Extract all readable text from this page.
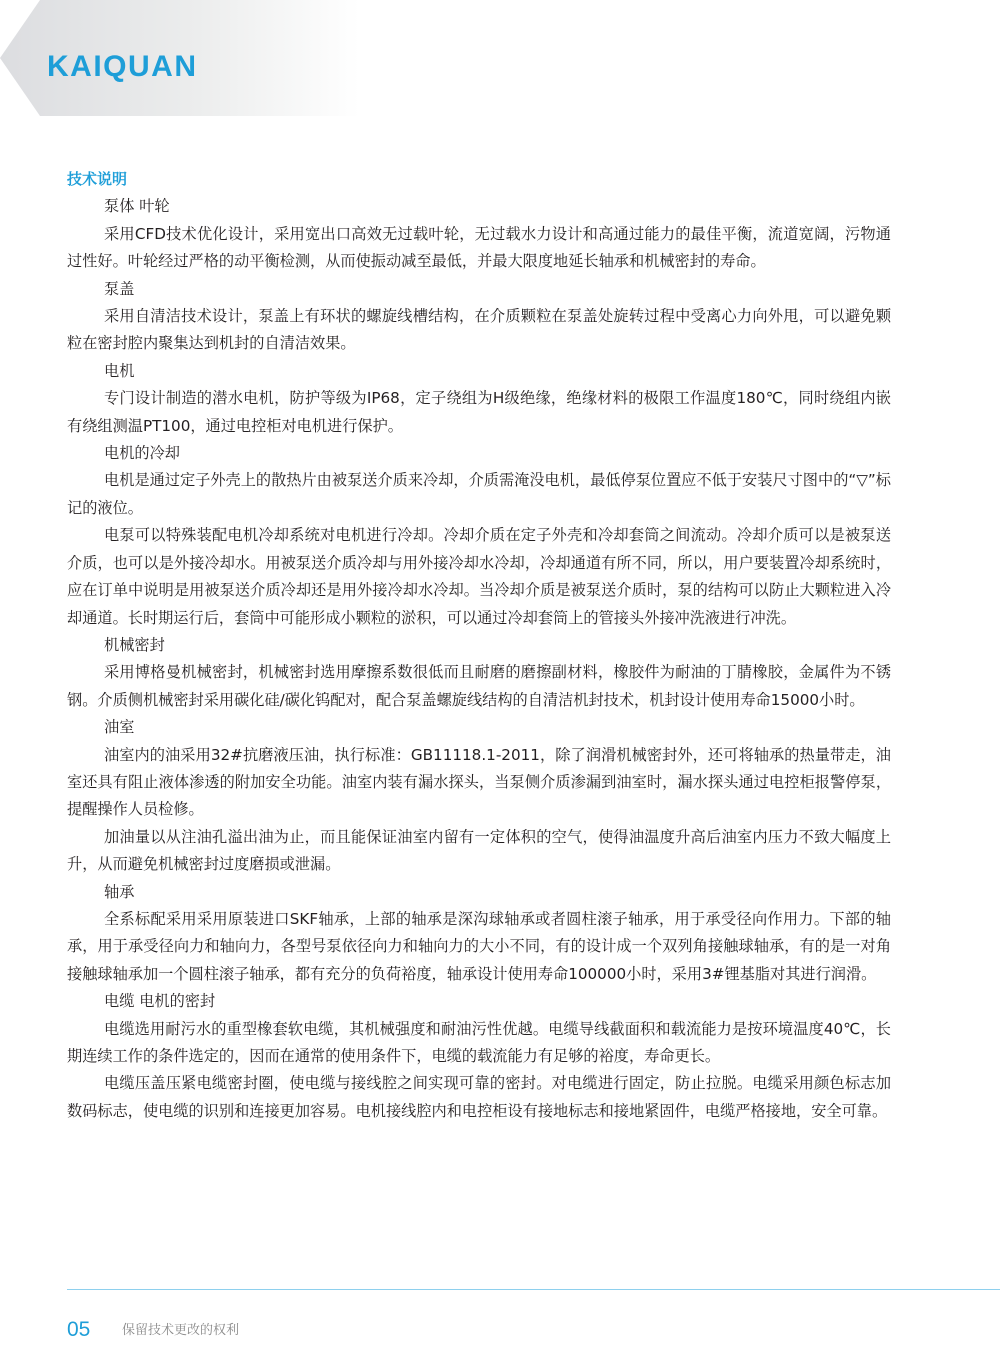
KAIQUAN

技术说明

泵体 叶轮

采用CFD技术优化设计，采用宽出口高效无过载叶轮，无过载水力设计和高通过能力的最佳平衡，流道宽阔，污物通过性好。叶轮经过严格的动平衡检测，从而使振动减至最低，并最大限度地延长轴承和机械密封的寿命。

泵盖

采用自清洁技术设计，泵盖上有环状的螺旋线槽结构，在介质颗粒在泵盖处旋转过程中受离心力向外甩，可以避免颗粒在密封腔内聚集达到机封的自清洁效果。

电机

专门设计制造的潜水电机，防护等级为IP68，定子绕组为H级绝缘，绝缘材料的极限工作温度180℃，同时绕组内嵌有绕组测温PT100，通过电控柜对电机进行保护。

电机的冷却

电机是通过定子外壳上的散热片由被泵送介质来冷却，介质需淹没电机，最低停泵位置应不低于安装尺寸图中的“▽”标记的液位。

电泵可以特殊装配电机冷却系统对电机进行冷却。冷却介质在定子外壳和冷却套筒之间流动。冷却介质可以是被泵送介质，也可以是外接冷却水。用被泵送介质冷却与用外接冷却水冷却，冷却通道有所不同，所以，用户要装置冷却系统时，应在订单中说明是用被泵送介质冷却还是用外接冷却水冷却。当冷却介质是被泵送介质时，泵的结构可以防止大颗粒进入冷却通道。长时期运行后，套筒中可能形成小颗粒的淤积，可以通过冷却套筒上的管接头外接冲洗液进行冲洗。

机械密封

采用博格曼机械密封，机械密封选用摩擦系数很低而且耐磨的磨擦副材料，橡胶件为耐油的丁腈橡胶，金属件为不锈钢。介质侧机械密封采用碳化硅/碳化钨配对，配合泵盖螺旋线结构的自清洁机封技术，机封设计使用寿命15000小时。

油室

油室内的油采用32#抗磨液压油，执行标准：GB11118.1-2011，除了润滑机械密封外，还可将轴承的热量带走，油室还具有阻止液体渗透的附加安全功能。油室内装有漏水探头，当泵侧介质渗漏到油室时，漏水探头通过电控柜报警停泵，提醒操作人员检修。

加油量以从注油孔溢出油为止，而且能保证油室内留有一定体积的空气，使得油温度升高后油室内压力不致大幅度上升，从而避免机械密封过度磨损或泄漏。

轴承

全系标配采用采用原装进口SKF轴承，上部的轴承是深沟球轴承或者圆柱滚子轴承，用于承受径向作用力。下部的轴承，用于承受径向力和轴向力，各型号泵依径向力和轴向力的大小不同，有的设计成一个双列角接触球轴承，有的是一对角接触球轴承加一个圆柱滚子轴承，都有充分的负荷裕度，轴承设计使用寿命100000小时，采用3#锂基脂对其进行润滑。

电缆 电机的密封

电缆选用耐污水的重型橡套软电缆，其机械强度和耐油污性优越。电缆导线截面积和载流能力是按环境温度40℃，长期连续工作的条件选定的，因而在通常的使用条件下，电缆的载流能力有足够的裕度，寿命更长。

电缆压盖压紧电缆密封圈，使电缆与接线腔之间实现可靠的密封。对电缆进行固定，防止拉脱。电缆采用颜色标志加数码标志，使电缆的识别和连接更加容易。电机接线腔内和电控柜设有接地标志和接地紧固件，电缆严格接地，安全可靠。

05 保留技术更改的权利
